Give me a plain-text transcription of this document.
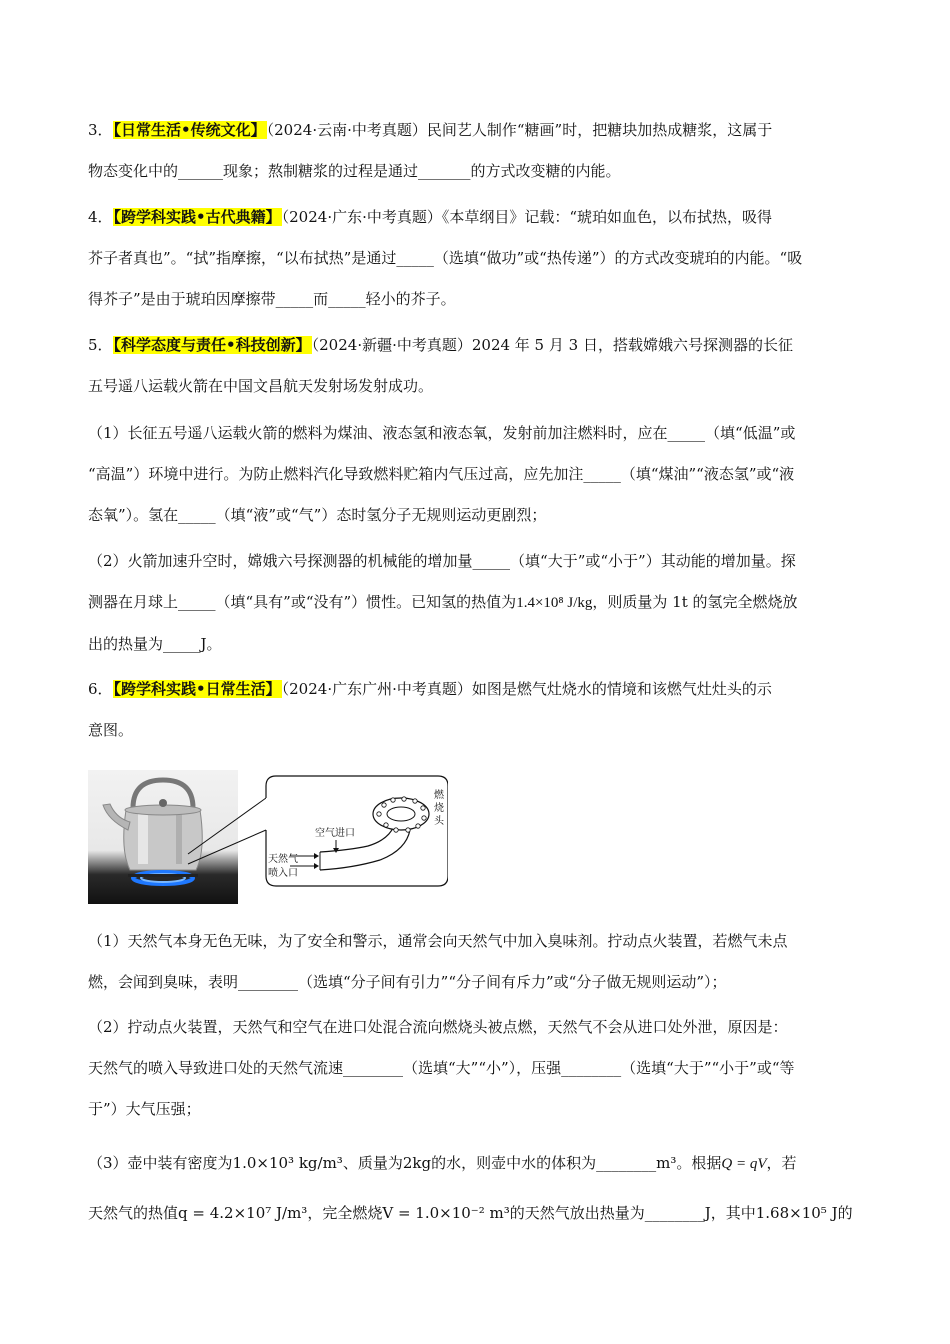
3．【日常生活•传统文化】（2024·云南·中考真题）民间艺人制作“糖画”时，把糖块加热成糖浆，这属于

物态变化中的______现象；熬制糖浆的过程是通过_______的方式改变糖的内能。

4．【跨学科实践•古代典籍】（2024·广东·中考真题）《本草纲目》记载：“琥珀如血色，以布拭热，吸得

芥子者真也”。“拭”指摩擦，“以布拭热”是通过_____（选填“做功”或“热传递”）的方式改变琥珀的内能。“吸

得芥子”是由于琥珀因摩擦带_____而_____轻小的芥子。

5．【科学态度与责任•科技创新】（2024·新疆·中考真题）2024 年 5 月 3 日，搭载嫦娥六号探测器的长征

五号遥八运载火箭在中国文昌航天发射场发射成功。

（1）长征五号遥八运载火箭的燃料为煤油、液态氢和液态氧，发射前加注燃料时，应在_____（填“低温”或

“高温”）环境中进行。为防止燃料汽化导致燃料贮箱内气压过高，应先加注_____（填“煤油”“液态氢”或“液

态氧”）。氢在_____（填“液”或“气”）态时氢分子无规则运动更剧烈；

（2）火箭加速升空时，嫦娥六号探测器的机械能的增加量_____（填“大于”或“小于”）其动能的增加量。探

测器在月球上_____（填“具有”或“没有”）惯性。已知氢的热值为1.4×10⁸ J/kg，则质量为 1t 的氢完全燃烧放

出的热量为_____J。

6．【跨学科实践•日常生活】（2024·广东广州·中考真题）如图是燃气灶烧水的情境和该燃气灶灶头的示

意图。

空气进口
天然气
喷入口
燃
烧
头

（1）天然气本身无色无味，为了安全和警示，通常会向天然气中加入臭味剂。拧动点火装置，若燃气未点

燃，会闻到臭味，表明________（选填“分子间有引力”“分子间有斥力”或“分子做无规则运动”）；

（2）拧动点火装置，天然气和空气在进口处混合流向燃烧头被点燃，天然气不会从进口处外泄，原因是：

天然气的喷入导致进口处的天然气流速________（选填“大”“小”），压强________（选填“大于”“小于”或“等

于”）大气压强；

（3）壶中装有密度为1.0×10³ kg/m³、质量为2kg的水，则壶中水的体积为________m³。根据Q = qV，若

天然气的热值q = 4.2×10⁷ J/m³，完全燃烧V = 1.0×10⁻² m³的天然气放出热量为________J，其中1.68×10⁵ J的
